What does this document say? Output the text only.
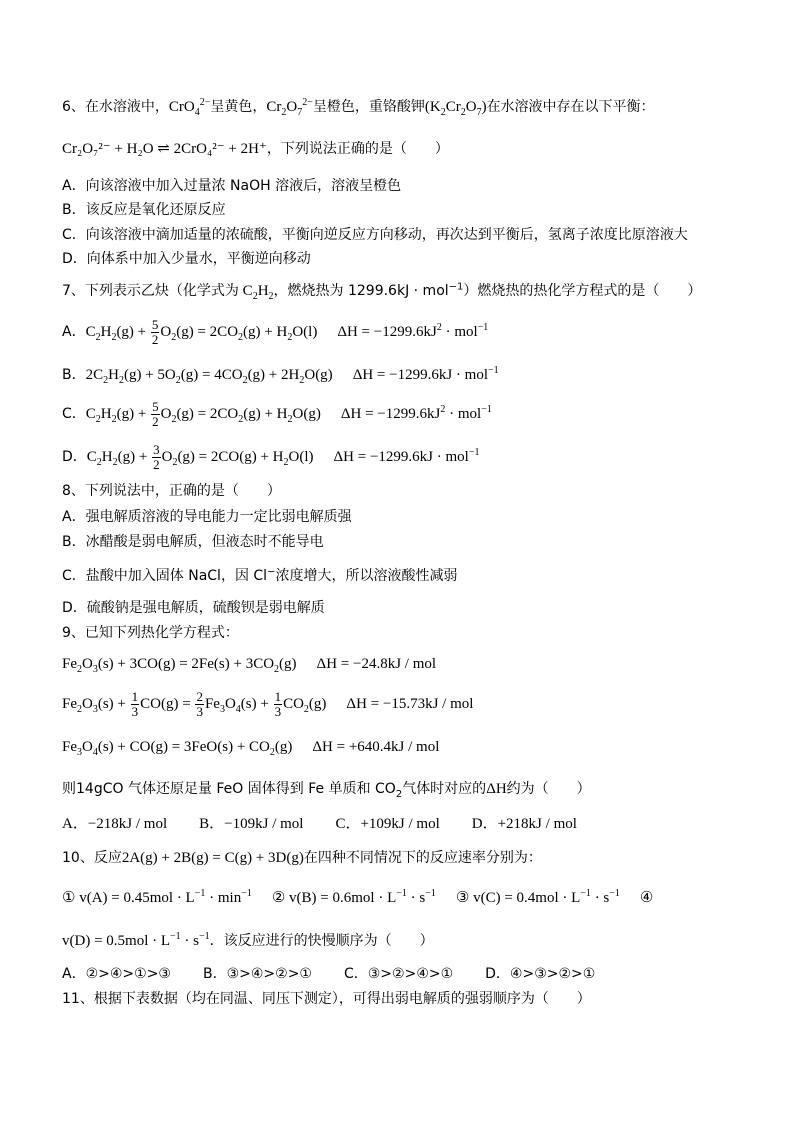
6、在水溶液中，CrO$_4^{2-}$呈黄色，$Cr_2O_7^{2-}$呈橙色，重铬酸钾$(K_2Cr_2O_7)$在水溶液中存在以下平衡：
Cr₂O₇²⁻ + H₂O ⇌ 2CrO₄²⁻ + 2H⁺，下列说法正确的是（　　）
A．向该溶液中加入过量浓 NaOH 溶液后，溶液呈橙色
B．该反应是氧化还原反应
C．向该溶液中滴加适量的浓硫酸，平衡向逆反应方向移动，再次达到平衡后，氢离子浓度比原溶液大
D．向体系中加入少量水，平衡逆向移动
7、下列表示乙炔（化学式为 $C_2H_2$，燃烧热为 1299.6kJ · mol$^{-1}$）燃烧热的热化学方程式的是（　　）
A．$C_2H_2(g) + \frac{5}{2} O_2(g) = 2CO_2(g) + H_2O(l) \Delta H = -1299.6kJ^2 \cdot mol^{-1}$
B．$2C_2H_2(g) + 5O_2(g) = 4CO_2(g) + 2H_2O(g) \Delta H = -1299.6kJ \cdot mol^{-1}$
C．$C_2H_2(g) + \frac{5}{2} O_2(g) = 2CO_2(g) + H_2O(g) \Delta H = -1299.6kJ^2 \cdot mol^{-1}$
D．$C_2H_2(g) + \frac{3}{2} O_2(g) = 2CO(g) + H_2O(l) \Delta H = -1299.6kJ \cdot mol^{-1}$
8、下列说法中，正确的是（　　）
A．强电解质溶液的导电能力一定比弱电解质强
B．冰醋酸是弱电解质，但液态时不能导电
C．盐酸中加入固体 NaCl，因 Cl−浓度增大，所以溶液酸性减弱
D．硫酸钠是强电解质，硫酸钡是弱电解质
9、已知下列热化学方程式：
$Fe_2O_3(s) + 3CO(g) = 2Fe(s) + 3CO_2(g) \Delta H = -24.8kJ$ / mol
$Fe_2O_3(s) + \frac{1}{3} CO(g) = \frac{2}{3} Fe_3O_4(s) + \frac{1}{3} CO_2(g) \Delta H = -15.73kJ$ / mol
$Fe_3O_4(s) + CO(g) = 3FeO(s) + CO_2(g) \Delta H = +640.4kJ$ / mol
则14gCO 气体还原足量 FeO 固体得到 Fe 单质和 $CO_2$气体时对应的ΔH约为（　　）
A．−218kJ / mol B．−109kJ / mol C．+109kJ / mol D．+218kJ / mol
10、反应2A(g) + 2B(g) = C(g) + 3D(g)在四种不同情况下的反应速率分别为：
① $v(A) = 0.45mol \cdot L^{-1} \cdot \min^{-1}$ ② $v(B) = 0.6mol \cdot L^{-1} \cdot s^{-1}$ ③ $v(C) = 0.4mol \cdot L^{-1} \cdot s^{-1}$ ④
$v(D) = 0.5mol \cdot L^{-1} \cdot s^{-1}$．该反应进行的快慢顺序为（　　）
A．②>④>①>③ B．③>④>②>① C．③>②>④>① D．④>③>②>①
11、根据下表数据（均在同温、同压下测定），可得出弱电解质的强弱顺序为（　　）
